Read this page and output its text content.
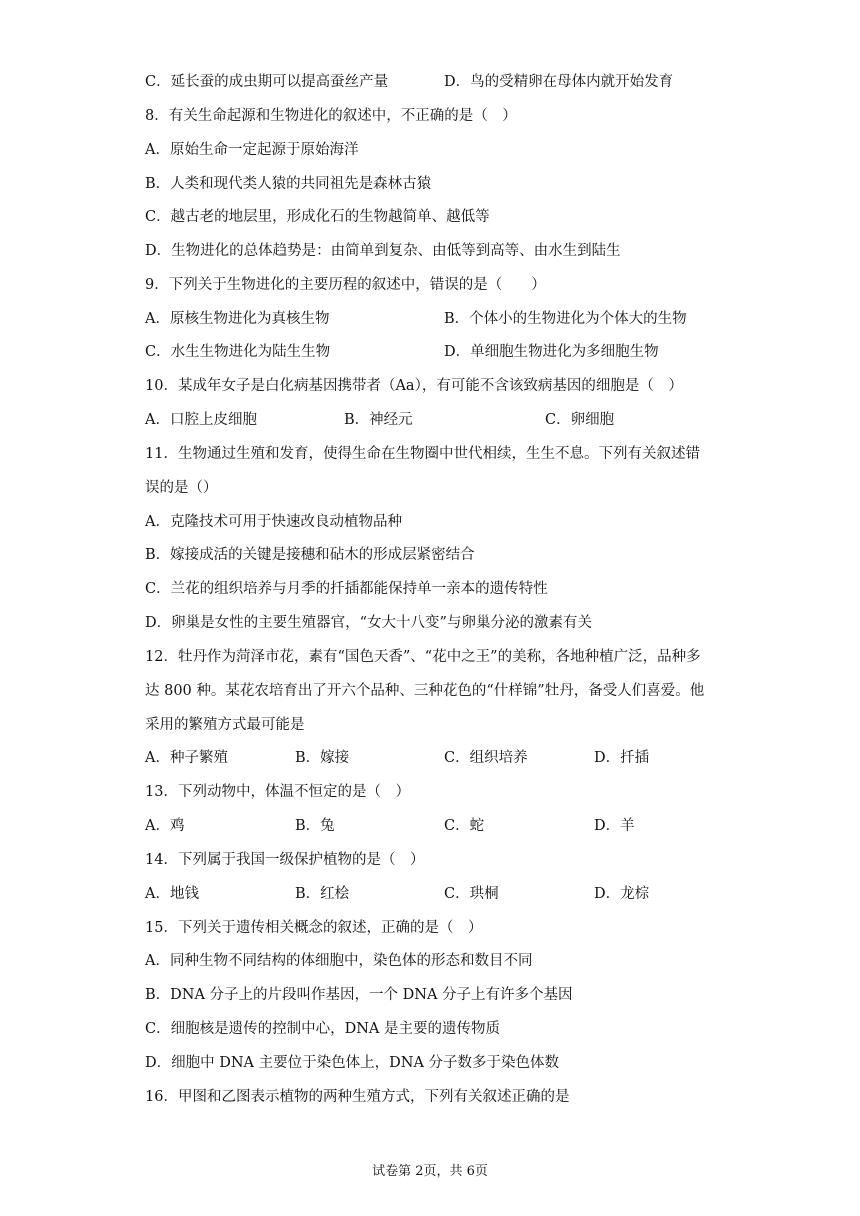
C．延长蚕的成虫期可以提高蚕丝产量	D．鸟的受精卵在母体内就开始发育
8．有关生命起源和生物进化的叙述中，不正确的是（　）
A．原始生命一定起源于原始海洋
B．人类和现代类人猿的共同祖先是森林古猿
C．越古老的地层里，形成化石的生物越简单、越低等
D．生物进化的总体趋势是：由简单到复杂、由低等到高等、由水生到陆生
9．下列关于生物进化的主要历程的叙述中，错误的是（　　）
A．原核生物进化为真核生物	B．个体小的生物进化为个体大的生物
C．水生生物进化为陆生生物	D．单细胞生物进化为多细胞生物
10．某成年女子是白化病基因携带者（Aa），有可能不含该致病基因的细胞是（　）
A．口腔上皮细胞	B．神经元	C．卵细胞
11．生物通过生殖和发育，使得生命在生物圈中世代相续，生生不息。下列有关叙述错
误的是（）
A．克隆技术可用于快速改良动植物品种
B．嫁接成活的关键是接穗和砧木的形成层紧密结合
C．兰花的组织培养与月季的扦插都能保持单一亲本的遗传特性
D．卵巢是女性的主要生殖器官，“女大十八变”与卵巢分泌的激素有关
12．牡丹作为菏泽市花，素有“国色天香”、“花中之王”的美称，各地种植广泛，品种多
达 800 种。某花农培育出了开六个品种、三种花色的“什样锦”牡丹，备受人们喜爱。他
采用的繁殖方式最可能是
A．种子繁殖	B．嫁接	C．组织培养	D．扦插
13．下列动物中，体温不恒定的是（　）
A．鸡	B．兔	C．蛇	D．羊
14．下列属于我国一级保护植物的是（　）
A．地钱	B．红桧	C．珙桐	D．龙棕
15．下列关于遗传相关概念的叙述，正确的是（　）
A．同种生物不同结构的体细胞中，染色体的形态和数目不同
B．DNA 分子上的片段叫作基因，一个 DNA 分子上有许多个基因
C．细胞核是遗传的控制中心，DNA 是主要的遗传物质
D．细胞中 DNA 主要位于染色体上，DNA 分子数多于染色体数
16．甲图和乙图表示植物的两种生殖方式，下列有关叙述正确的是
试卷第 2页，共 6页
